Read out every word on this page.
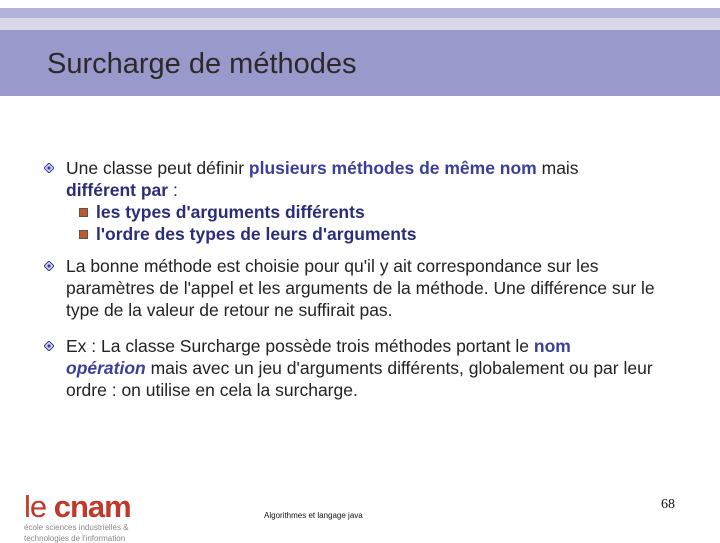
Surcharge de méthodes
Une classe peut définir plusieurs méthodes de même nom mais
différent par :
les types d'arguments différents
l'ordre des types de leurs d'arguments
La bonne méthode est choisie pour qu'il y ait correspondance sur les paramètres de l'appel et les arguments de la méthode. Une différence sur le type de la valeur de retour ne suffirait pas.
Ex : La classe Surcharge possède trois méthodes portant le nom
opération mais avec un jeu d'arguments différents, globalement ou par leur ordre : on utilise en cela la surcharge.
le cnam
école sciences industrielles &
technologies de l'information
Algorithmes et langage java
68
